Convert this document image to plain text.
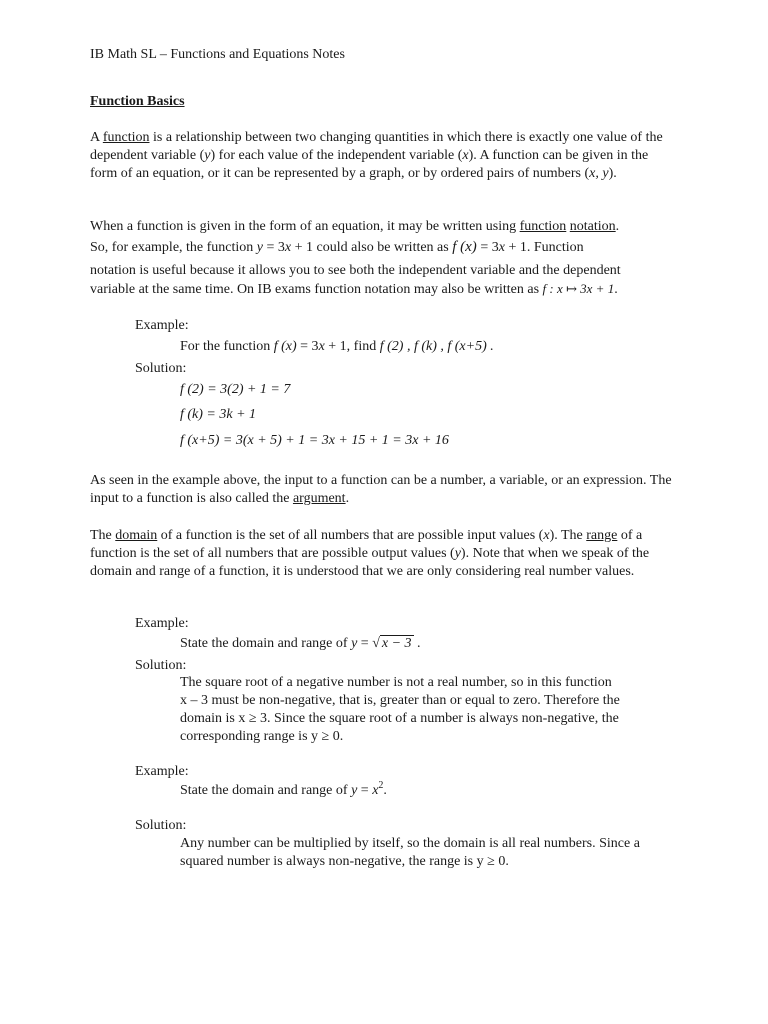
IB Math SL – Functions and Equations Notes
Function Basics

A function is a relationship between two changing quantities in which there is exactly one value of the dependent variable (y) for each value of the independent variable (x). A function can be given in the form of an equation, or it can be represented by a graph, or by ordered pairs of numbers (x, y).

When a function is given in the form of an equation, it may be written using function notation.
So, for example, the function y = 3x + 1 could also be written as f (x) = 3x + 1. Function
notation is useful because it allows you to see both the independent variable and the dependent
variable at the same time. On IB exams function notation may also be written as f : x ↦ 3x + 1.
Example:
For the function f (x) = 3x + 1, find f (2) , f (k) , f (x+5) .
Solution:
f (2) = 3(2) + 1 = 7
f (k) = 3k + 1
f (x+5) = 3(x + 5) + 1 = 3x + 15 + 1 = 3x + 16

As seen in the example above, the input to a function can be a number, a variable, or an expression. The input to a function is also called the argument.

The domain of a function is the set of all numbers that are possible input values (x). The range of a function is the set of all numbers that are possible output values (y). Note that when we speak of the domain and range of a function, it is understood that we are only considering real number values.

Example:
State the domain and range of y = √ x − 3 .
Solution:
The square root of a negative number is not a real number, so in this function
x – 3 must be non-negative, that is, greater than or equal to zero. Therefore the
domain is x ≥ 3. Since the square root of a number is always non-negative, the
corresponding range is y ≥ 0.
Example:
State the domain and range of $y = x^2$.
Solution:
Any number can be multiplied by itself, so the domain is all real numbers. Since a
squared number is always non-negative, the range is y ≥ 0.
